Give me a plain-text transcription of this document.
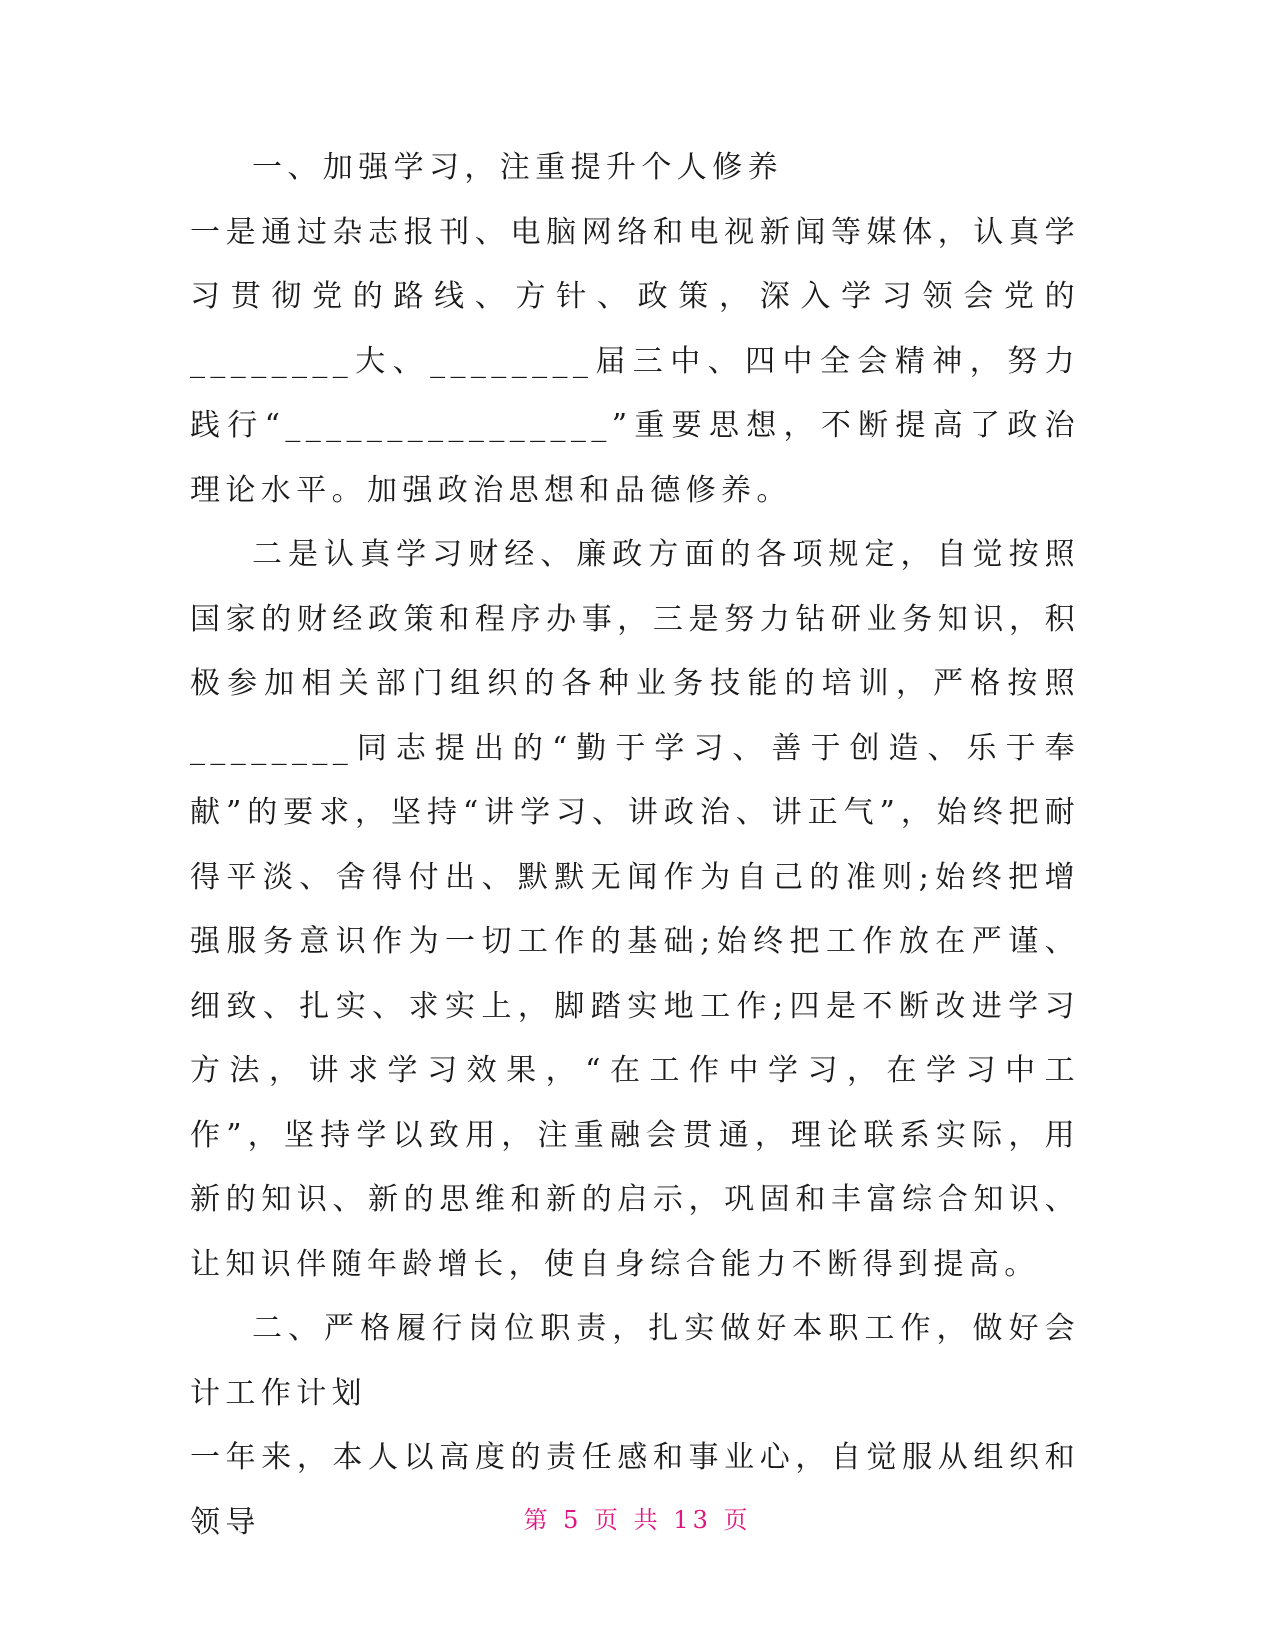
一、加强学习，注重提升个人修养

一是通过杂志报刊、电脑网络和电视新闻等媒体，认真学习贯彻党的路线、方针、政策，深入学习领会党的________大、________届三中、四中全会精神，努力践行“________________”重要思想，不断提高了政治理论水平。加强政治思想和品德修养。

二是认真学习财经、廉政方面的各项规定，自觉按照国家的财经政策和程序办事，三是努力钻研业务知识，积极参加相关部门组织的各种业务技能的培训，严格按照________同志提出的“勤于学习、善于创造、乐于奉献”的要求，坚持“讲学习、讲政治、讲正气”，始终把耐得平淡、舍得付出、默默无闻作为自己的准则;始终把增强服务意识作为一切工作的基础;始终把工作放在严谨、细致、扎实、求实上，脚踏实地工作;四是不断改进学习方法，讲求学习效果，“在工作中学习，在学习中工作”，坚持学以致用，注重融会贯通，理论联系实际，用新的知识、新的思维和新的启示，巩固和丰富综合知识、让知识伴随年龄增长，使自身综合能力不断得到提高。

二、严格履行岗位职责，扎实做好本职工作，做好会计工作计划

一年来，本人以高度的责任感和事业心，自觉服从组织和领导	第 5 页 共 13 页
